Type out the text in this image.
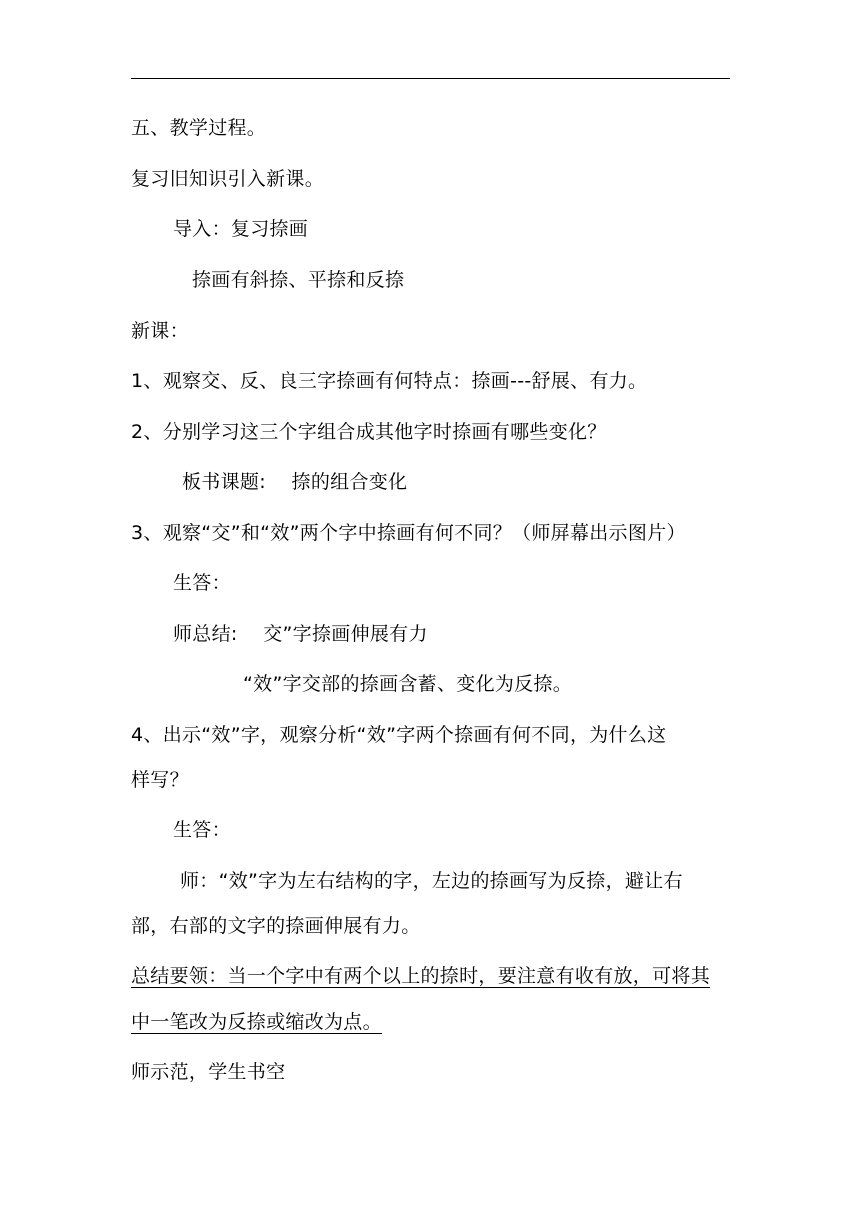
五、教学过程。
复习旧知识引入新课。
导入：复习捺画
捺画有斜捺、平捺和反捺
新课：
1、观察交、反、良三字捺画有何特点：捺画---舒展、有力。
2、分别学习这三个字组合成其他字时捺画有哪些变化？
板书课题:　 捺的组合变化
3、观察“交”和“效”两个字中捺画有何不同？（师屏幕出示图片）
生答：
师总结:　 交”字捺画伸展有力
“效”字交部的捺画含蓄、变化为反捺。
4、出示“效”字，观察分析“效”字两个捺画有何不同，为什么这
样写？
生答：
师：“效”字为左右结构的字，左边的捺画写为反捺，避让右
部，右部的文字的捺画伸展有力。
总结要领：当一个字中有两个以上的捺时，要注意有收有放，可将其
中一笔改为反捺或缩改为点。
师示范，学生书空
